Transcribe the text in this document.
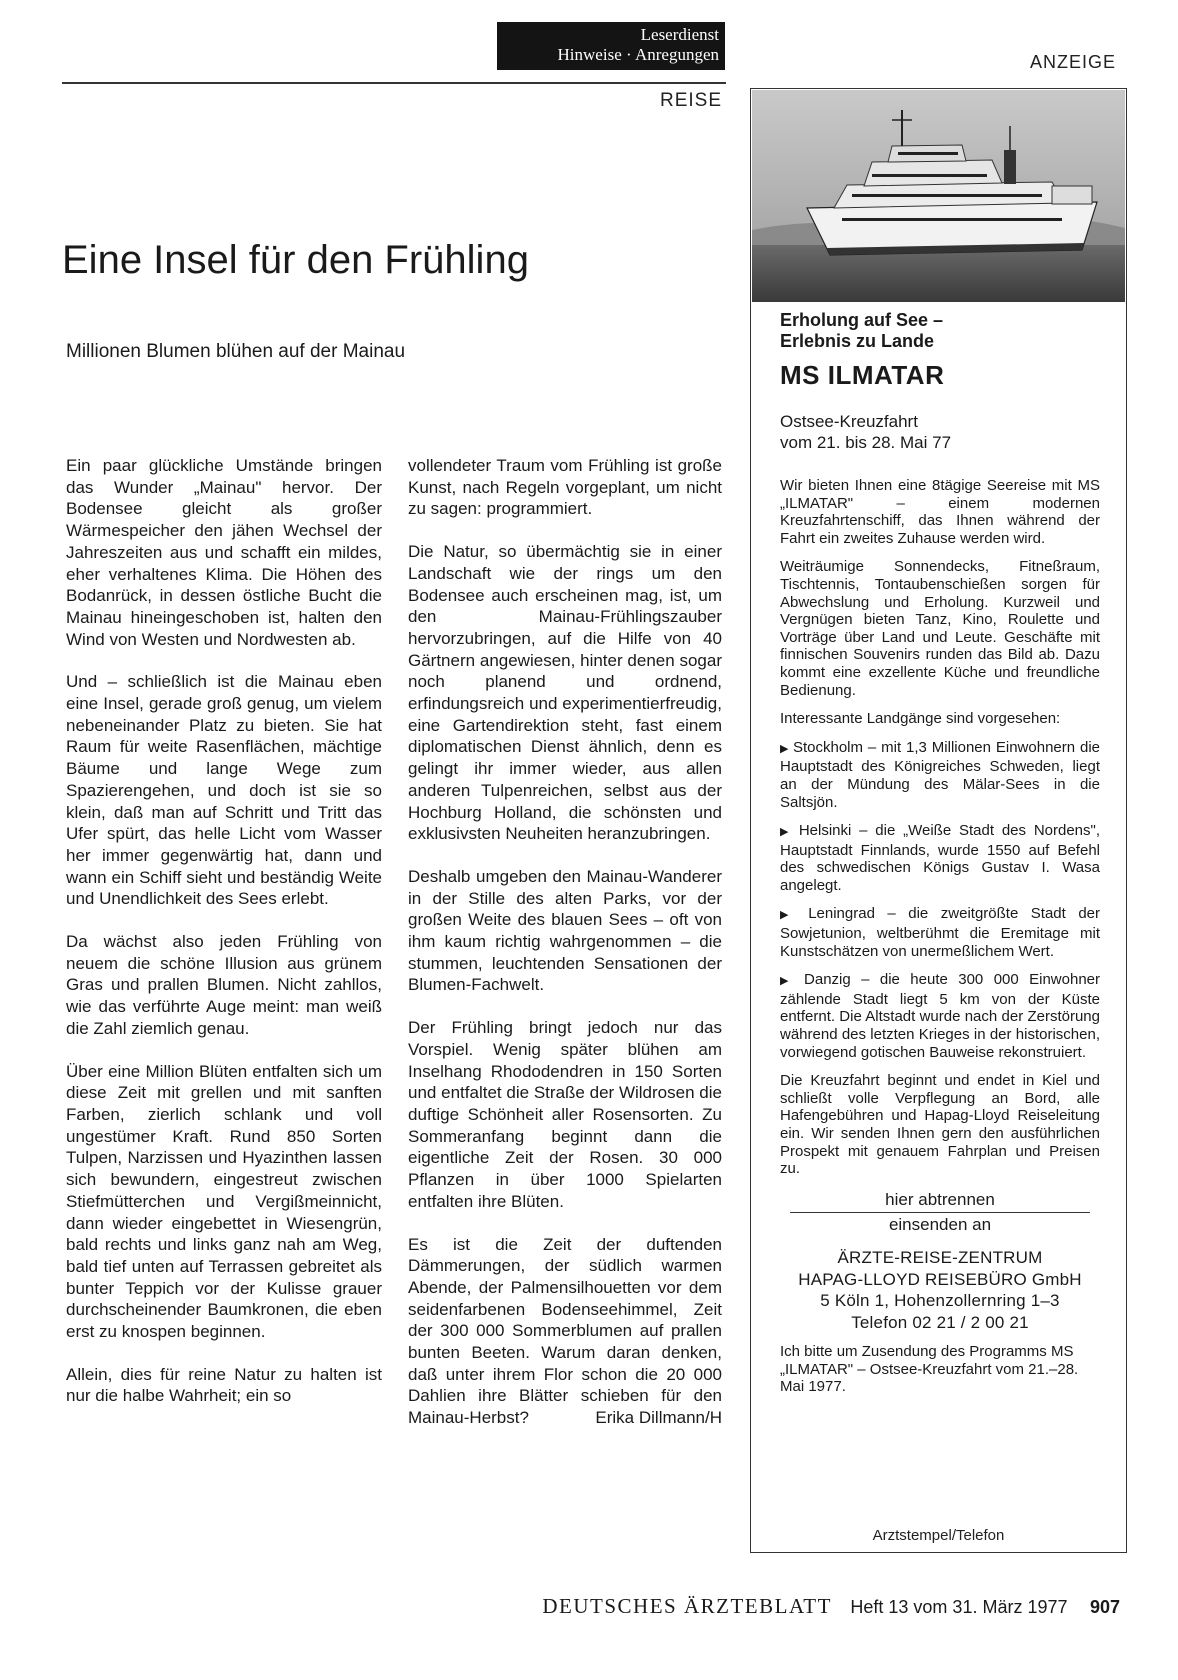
Leserdienst
Hinweise · Anregungen	ANZEIGE
REISE
Eine Insel für den Frühling
Millionen Blumen blühen auf der Mainau

Ein paar glückliche Umstände bringen das Wunder „Mainau" hervor. Der Bodensee gleicht als großer Wärmespeicher den jähen Wechsel der Jahreszeiten aus und schafft ein mildes, eher verhaltenes Klima. Die Höhen des Bodanrück, in dessen östliche Bucht die Mainau hineingeschoben ist, halten den Wind von Westen und Nordwesten ab.

Und – schließlich ist die Mainau eben eine Insel, gerade groß genug, um vielem nebeneinander Platz zu bieten. Sie hat Raum für weite Rasenflächen, mächtige Bäume und lange Wege zum Spazierengehen, und doch ist sie so klein, daß man auf Schritt und Tritt das Ufer spürt, das helle Licht vom Wasser her immer gegenwärtig hat, dann und wann ein Schiff sieht und beständig Weite und Unendlichkeit des Sees erlebt.

Da wächst also jeden Frühling von neuem die schöne Illusion aus grünem Gras und prallen Blumen. Nicht zahllos, wie das verführte Auge meint: man weiß die Zahl ziemlich genau.

Über eine Million Blüten entfalten sich um diese Zeit mit grellen und mit sanften Farben, zierlich schlank und voll ungestümer Kraft. Rund 850 Sorten Tulpen, Narzissen und Hyazinthen lassen sich bewundern, eingestreut zwischen Stiefmütterchen und Vergißmeinnicht, dann wieder eingebettet in Wiesengrün, bald rechts und links ganz nah am Weg, bald tief unten auf Terrassen gebreitet als bunter Teppich vor der Kulisse grauer durchscheinender Baumkronen, die eben erst zu knospen beginnen.

Allein, dies für reine Natur zu halten ist nur die halbe Wahrheit; ein so

vollendeter Traum vom Frühling ist große Kunst, nach Regeln vorgeplant, um nicht zu sagen: programmiert.

Die Natur, so übermächtig sie in einer Landschaft wie der rings um den Bodensee auch erscheinen mag, ist, um den Mainau-Frühlingszauber hervorzubringen, auf die Hilfe von 40 Gärtnern angewiesen, hinter denen sogar noch planend und ordnend, erfindungsreich und experimentierfreudig, eine Gartendirektion steht, fast einem diplomatischen Dienst ähnlich, denn es gelingt ihr immer wieder, aus allen anderen Tulpenreichen, selbst aus der Hochburg Holland, die schönsten und exklusivsten Neuheiten heranzubringen.

Deshalb umgeben den Mainau-Wanderer in der Stille des alten Parks, vor der großen Weite des blauen Sees – oft von ihm kaum richtig wahrgenommen – die stummen, leuchtenden Sensationen der Blumen-Fachwelt.

Der Frühling bringt jedoch nur das Vorspiel. Wenig später blühen am Inselhang Rhododendren in 150 Sorten und entfaltet die Straße der Wildrosen die duftige Schönheit aller Rosensorten. Zu Sommeranfang beginnt dann die eigentliche Zeit der Rosen. 30 000 Pflanzen in über 1000 Spielarten entfalten ihre Blüten.

Es ist die Zeit der duftenden Dämmerungen, der südlich warmen Abende, der Palmensilhouetten vor dem seidenfarbenen Bodenseehimmel, Zeit der 300 000 Sommerblumen auf prallen bunten Beeten. Warum daran denken, daß unter ihrem Flor schon die 20 000 Dahlien ihre Blätter schieben für den Mainau-Herbst?	Erika Dillmann/H

Erholung auf See –
Erlebnis zu Lande
MS ILMATAR
Ostsee-Kreuzfahrt
vom 21. bis 28. Mai 77

Wir bieten Ihnen eine 8tägige Seereise mit MS „ILMATAR" – einem modernen Kreuzfahrtenschiff, das Ihnen während der Fahrt ein zweites Zuhause werden wird.

Weiträumige Sonnendecks, Fitneßraum, Tischtennis, Tontaubenschießen sorgen für Abwechslung und Erholung. Kurzweil und Vergnügen bieten Tanz, Kino, Roulette und Vorträge über Land und Leute. Geschäfte mit finnischen Souvenirs runden das Bild ab. Dazu kommt eine exzellente Küche und freundliche Bedienung.

Interessante Landgänge sind vorgesehen:

▶ Stockholm – mit 1,3 Millionen Einwohnern die Hauptstadt des Königreiches Schweden, liegt an der Mündung des Mälar-Sees in die Saltsjön.

▶ Helsinki – die „Weiße Stadt des Nordens", Hauptstadt Finnlands, wurde 1550 auf Befehl des schwedischen Königs Gustav I. Wasa angelegt.

▶ Leningrad – die zweitgrößte Stadt der Sowjetunion, weltberühmt die Eremitage mit Kunstschätzen von unermeßlichem Wert.

▶ Danzig – die heute 300 000 Einwohner zählende Stadt liegt 5 km von der Küste entfernt. Die Altstadt wurde nach der Zerstörung während des letzten Krieges in der historischen, vorwiegend gotischen Bauweise rekonstruiert.

Die Kreuzfahrt beginnt und endet in Kiel und schließt volle Verpflegung an Bord, alle Hafengebühren und Hapag-Lloyd Reiseleitung ein. Wir senden Ihnen gern den ausführlichen Prospekt mit genauem Fahrplan und Preisen zu.

hier abtrennen
einsenden an
ÄRZTE-REISE-ZENTRUM
HAPAG-LLOYD REISEBÜRO GmbH
5 Köln 1, Hohenzollernring 1–3
Telefon 02 21 / 2 00 21
Ich bitte um Zusendung des Programms MS „ILMATAR" – Ostsee-Kreuzfahrt vom 21.–28. Mai 1977.
Arztstempel/Telefon
DEUTSCHES ÄRZTEBLATT Heft 13 vom 31. März 1977 907
